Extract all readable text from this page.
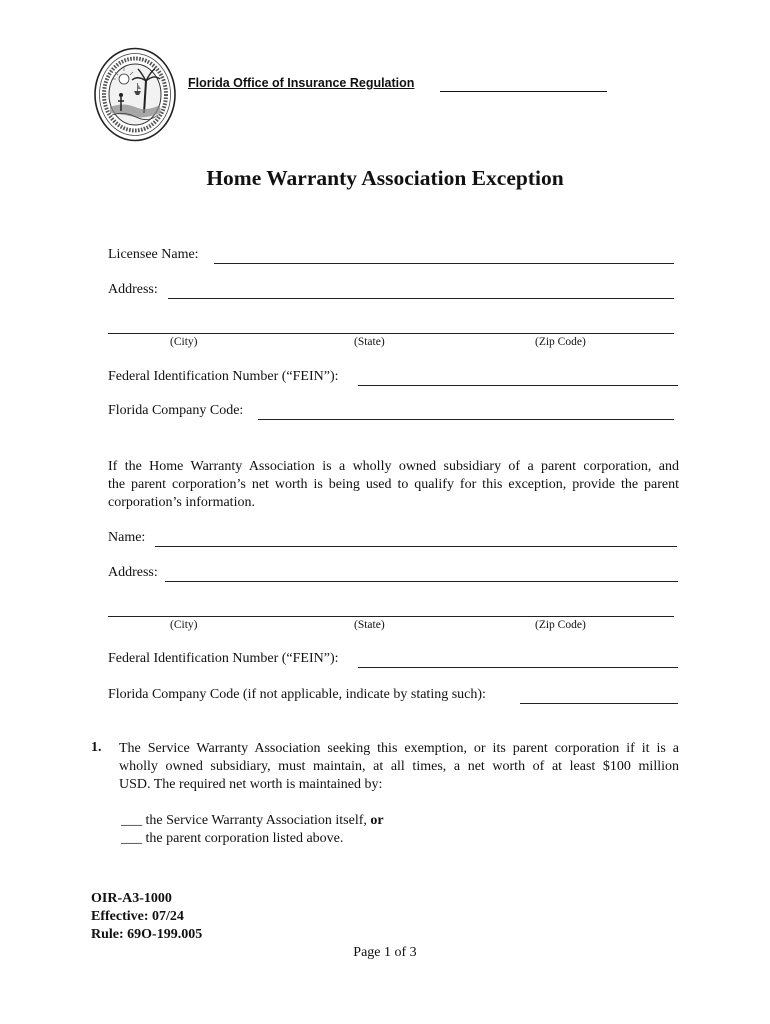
Florida Office of Insurance Regulation
Home Warranty Association Exception
Licensee Name:
Address:
(City)	(State)	(Zip Code)
Federal Identification Number (“FEIN”):
Florida Company Code:
If the Home Warranty Association is a wholly owned subsidiary of a parent corporation, and
the parent corporation’s net worth is being used to qualify for this exception, provide the parent
corporation’s information.
Name:
Address:
(City)	(State)	(Zip Code)
Federal Identification Number (“FEIN”):
Florida Company Code (if not applicable, indicate by stating such):
1. The Service Warranty Association seeking this exemption, or its parent corporation if it is a
wholly owned subsidiary, must maintain, at all times, a net worth of at least $100 million
USD. The required net worth is maintained by:
___ the Service Warranty Association itself, or
___ the parent corporation listed above.
OIR-A3-1000
Effective: 07/24
Rule: 69O-199.005
Page 1 of 3
